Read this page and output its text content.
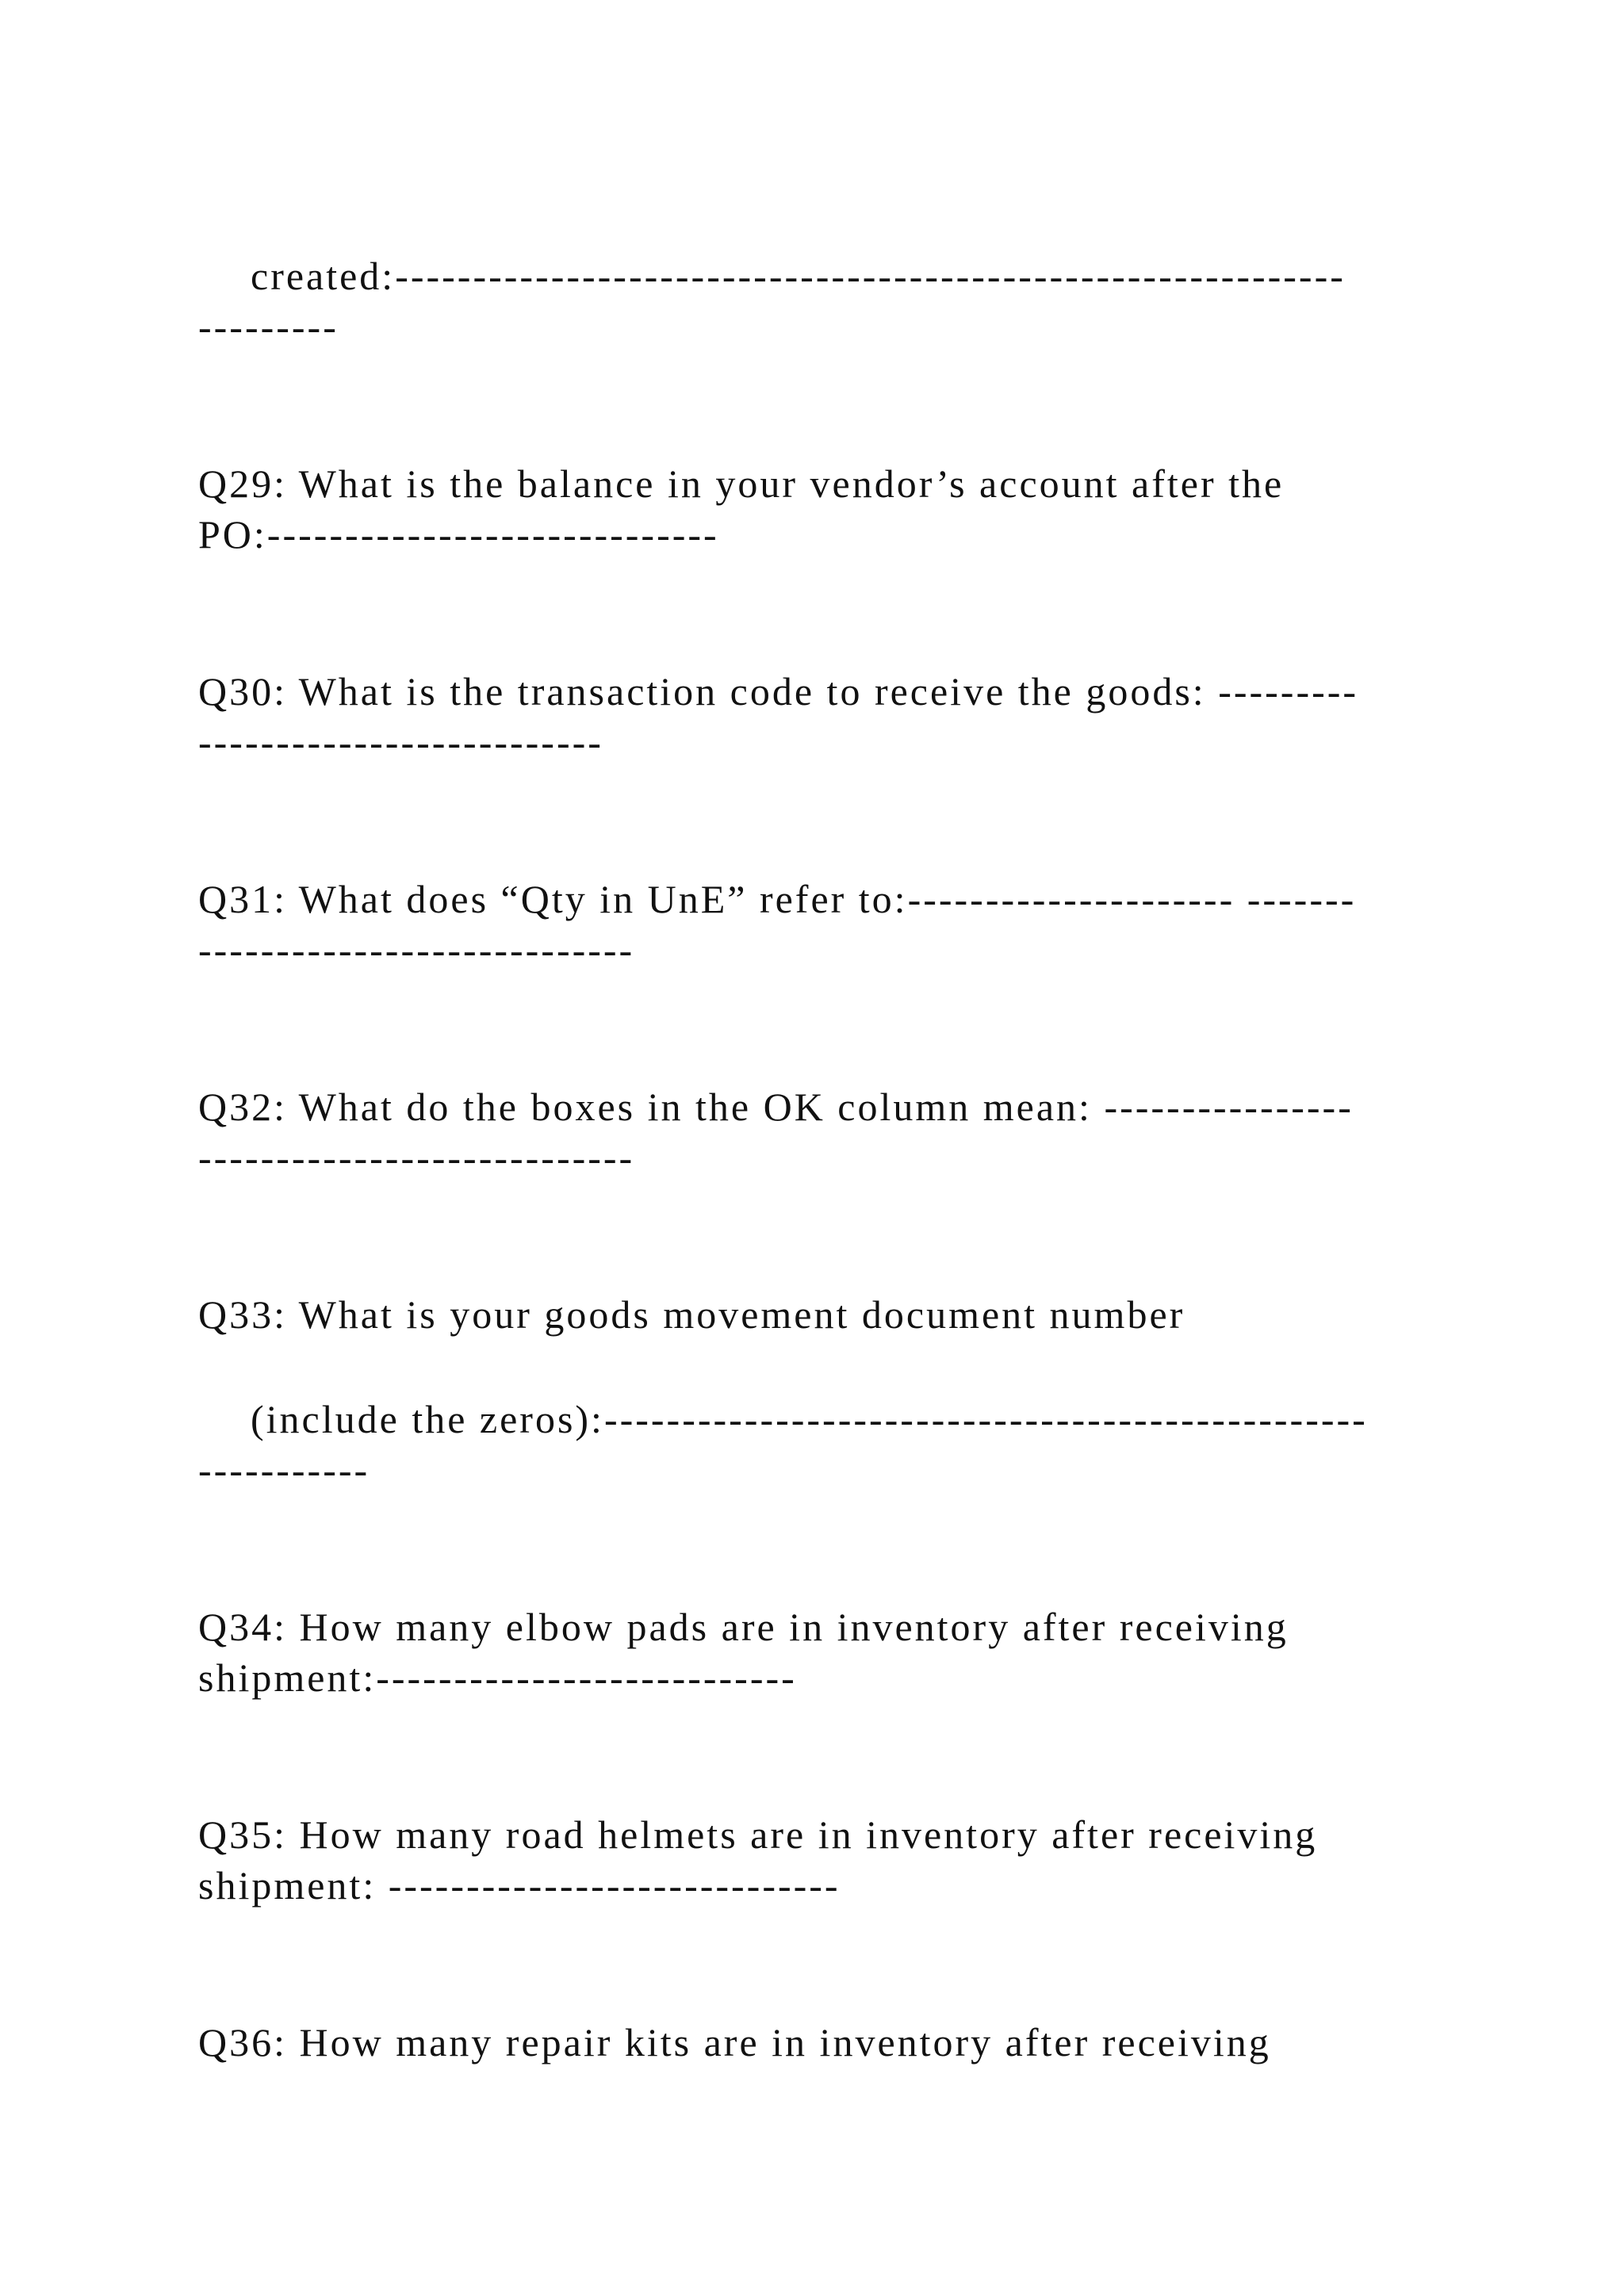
created:-------------------------------------------------------------
---------
Q29: What is the balance in your vendor’s account after the
PO:-----------------------------
Q30: What is the transaction code to receive the goods: ---------
--------------------------
Q31: What does “Qty in UnE” refer to:--------------------- -------
----------------------------
Q32: What do the boxes in the OK column mean: ----------------
----------------------------
Q33: What is your goods movement document number
(include the zeros):-------------------------------------------------
-----------
Q34: How many elbow pads are in inventory after receiving
shipment:---------------------------
Q35: How many road helmets are in inventory after receiving
shipment: -----------------------------
Q36: How many repair kits are in inventory after receiving
